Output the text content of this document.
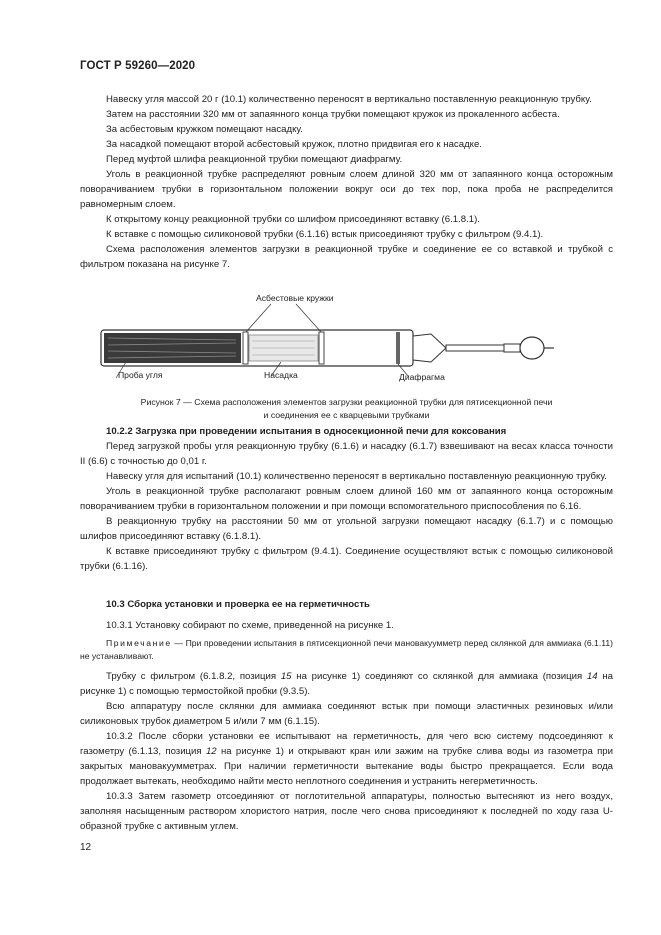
ГОСТ Р 59260—2020

Навеску угля массой 20 г (10.1) количественно переносят в вертикально поставленную реакционную трубку.

Затем на расстоянии 320 мм от запаянного конца трубки помещают кружок из прокаленного асбеста.

За асбестовым кружком помещают насадку.

За насадкой помещают второй асбестовый кружок, плотно придвигая его к насадке.

Перед муфтой шлифа реакционной трубки помещают диафрагму.

Уголь в реакционной трубке распределяют ровным слоем длиной 320 мм от запаянного конца осторожным поворачиванием трубки в горизонтальном положении вокруг оси до тех пор, пока проба не распределится равномерным слоем.

К открытому концу реакционной трубки со шлифом присоединяют вставку (6.1.8.1).

К вставке с помощью силиконовой трубки (6.1.16) встык присоединяют трубку с фильтром (9.4.1).

Схема расположения элементов загрузки в реакционной трубке и соединение ее со вставкой и трубкой с фильтром показана на рисунке 7.

Асбестовые кружки
Проба угля	Насадка	Диафрагма
Рисунок 7 — Схема расположения элементов загрузки реакционной трубки для пятисекционной печи
и соединения ее с кварцевыми трубками

10.2.2 Загрузка при проведении испытания в односекционной печи для коксования

Перед загрузкой пробы угля реакционную трубку (6.1.6) и насадку (6.1.7) взвешивают на весах класса точности II (6.6) с точностью до 0,01 г.

Навеску угля для испытаний (10.1) количественно переносят в вертикально поставленную реакционную трубку.

Уголь в реакционной трубке располагают ровным слоем длиной 160 мм от запаянного конца осторожным поворачиванием трубки в горизонтальном положении и при помощи вспомогательного приспособления по 6.16.

В реакционную трубку на расстоянии 50 мм от угольной загрузки помещают насадку (6.1.7) и с помощью шлифов присоединяют вставку (6.1.8.1).

К вставке присоединяют трубку с фильтром (9.4.1). Соединение осуществляют встык с помощью силиконовой трубки (6.1.16).

10.3 Сборка установки и проверка ее на герметичность

10.3.1 Установку собирают по схеме, приведенной на рисунке 1.

Примечание — При проведении испытания в пятисекционной печи мановакуумметр перед склянкой для аммиака (6.1.11) не устанавливают.

Трубку с фильтром (6.1.8.2, позиция 15 на рисунке 1) соединяют со склянкой для аммиака (позиция 14 на рисунке 1) с помощью термостойкой пробки (9.3.5).

Всю аппаратуру после склянки для аммиака соединяют встык при помощи эластичных резиновых и/или силиконовых трубок диаметром 5 и/или 7 мм (6.1.15).

10.3.2 После сборки установки ее испытывают на герметичность, для чего всю систему подсоединяют к газометру (6.1.13, позиция 12 на рисунке 1) и открывают кран или зажим на трубке слива воды из газометра при закрытых мановакуумметрах. При наличии герметичности вытекание воды быстро прекращается. Если вода продолжает вытекать, необходимо найти место неплотного соединения и устранить негерметичность.

10.3.3 Затем газометр отсоединяют от поглотительной аппаратуры, полностью вытесняют из него воздух, заполняя насыщенным раствором хлористого натрия, после чего снова присоединяют к последней по ходу газа U-образной трубке с активным углем.

12
